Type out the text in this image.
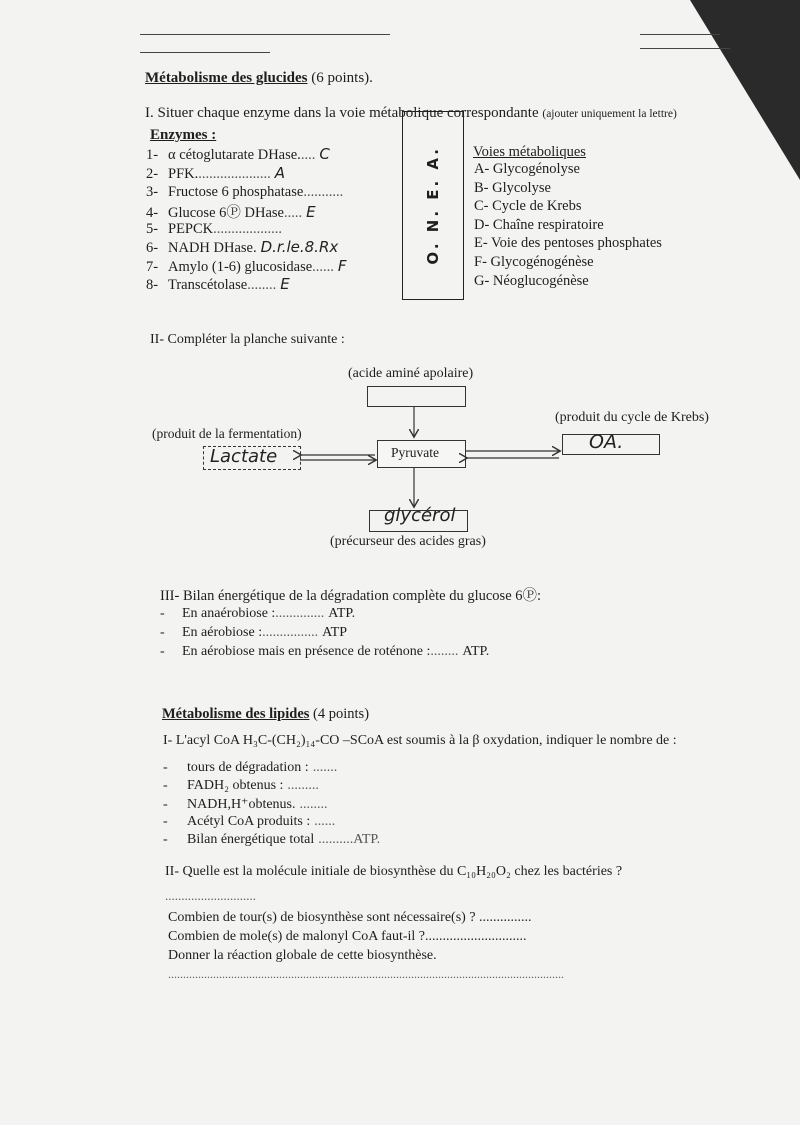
Métabolisme des glucides (6 points).
I. Situer chaque enzyme dans la voie métabolique correspondante (ajouter uniquement la lettre)
Enzymes :
1- α cétoglutarate DHase..... C
2- PFK..................... A
3- Fructose 6 phosphatase...........
4- Glucose 6Ⓟ DHase..... E
5- PEPCK...................
6- NADH DHase. D.r.le.8.Rx
7- Amylo (1-6) glucosidase...... F
8- Transcétolase........ E
O. N. E. A. Voies métaboliques
A- Glycogénolyse
B- Glycolyse
C- Cycle de Krebs
D- Chaîne respiratoire
E- Voie des pentoses phosphates
F- Glycogénogénèse
G- Néoglucogénèse
II- Compléter la planche suivante :
(acide aminé apolaire)
(produit de la fermentation)
Lactate	Pyruvate
(produit du cycle de Krebs)
OA.
glycérol
(précurseur des acides gras)
III- Bilan énergétique de la dégradation complète du glucose 6Ⓟ:
- En anaérobiose :.............. ATP.
- En aérobiose :................ ATP
- En aérobiose mais en présence de roténone :........ ATP.
Métabolisme des lipides (4 points)
I- L'acyl CoA H₃C-(CH₂)₁₄-CO –SCoA est soumis à la β oxydation, indiquer le nombre de :
- tours de dégradation : .......
- FADH₂ obtenus : .........
- NADH,H⁺obtenus. ........
- Acétyl CoA produits : ......
- Bilan énergétique total ..........ATP.
II- Quelle est la molécule initiale de biosynthèse du C₁₀H₂₀O₂ chez les bactéries ?
............................
Combien de tour(s) de biosynthèse sont nécessaire(s) ? ...............
Combien de mole(s) de malonyl CoA faut-il ?.............................
Donner la réaction globale de cette biosynthèse.
....................................................................................................................................
